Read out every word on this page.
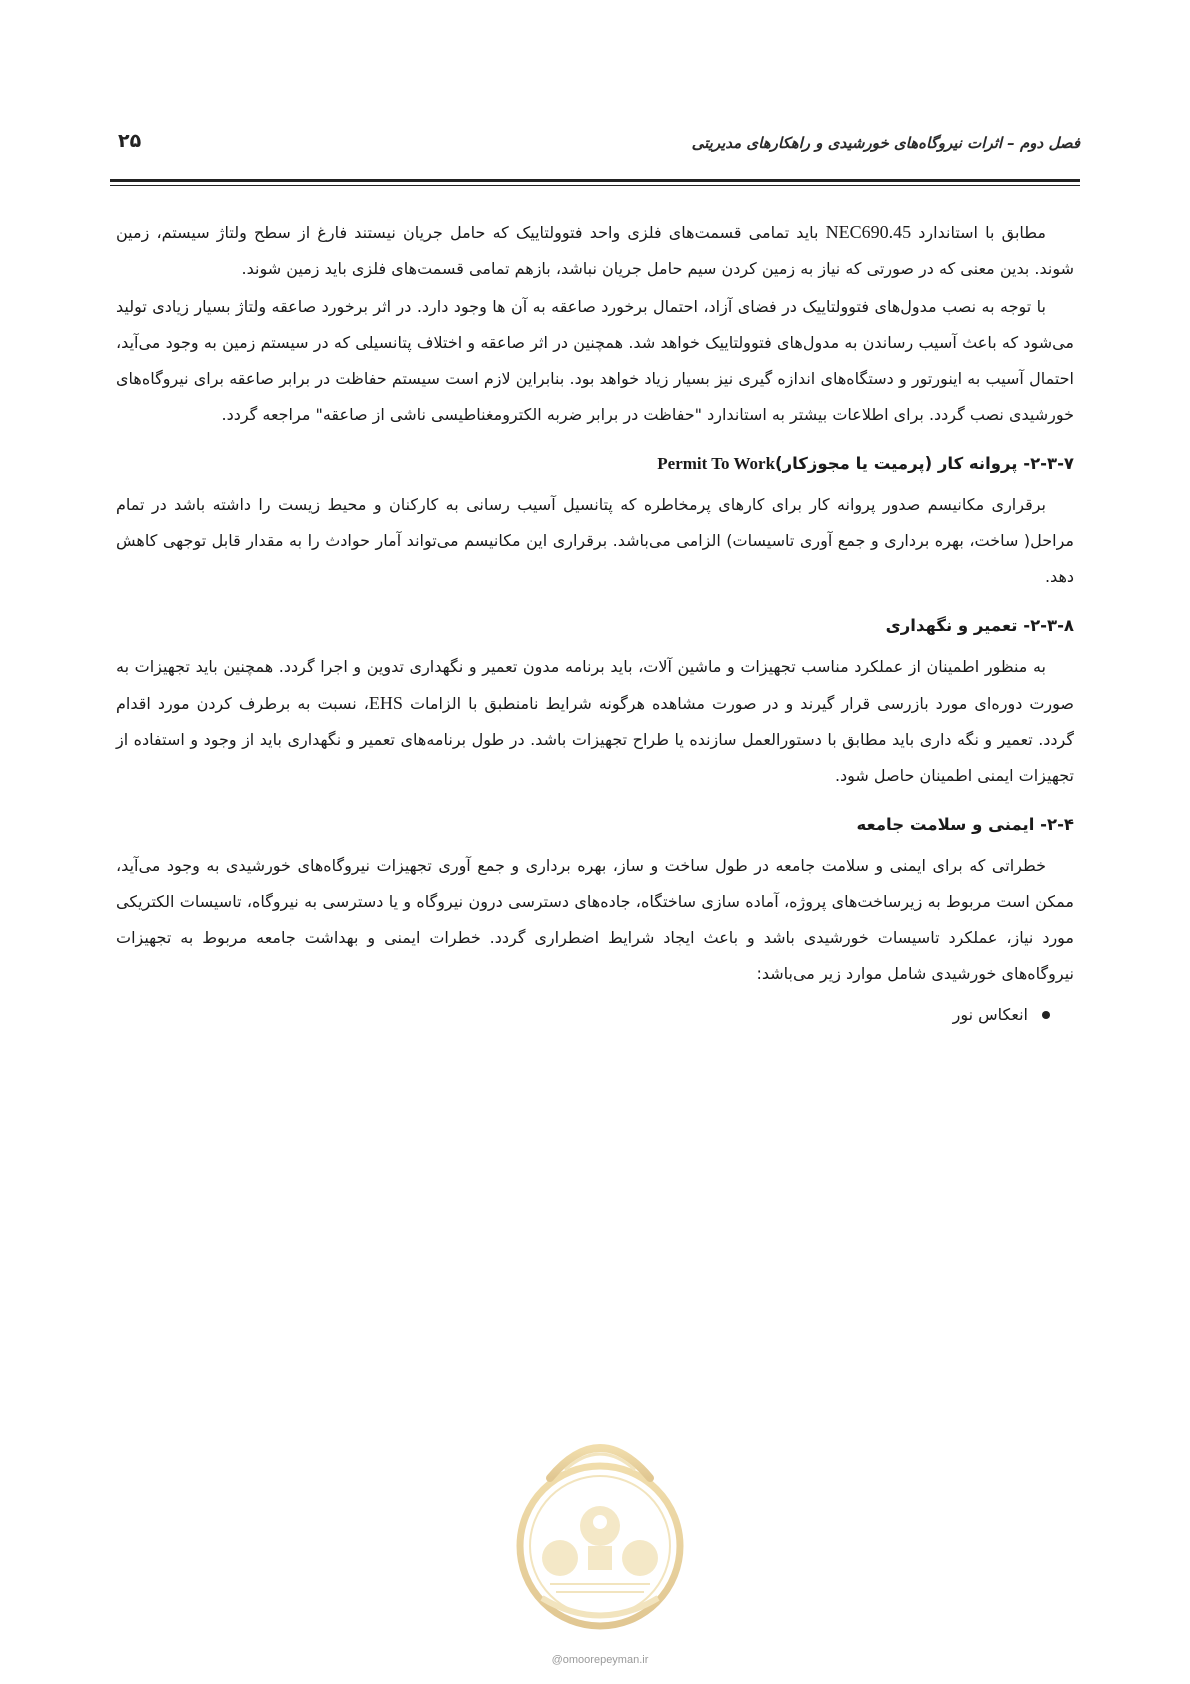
فصل دوم – اثرات نیروگاه‌های خورشیدی و راهکارهای مدیریتی
۲۵

مطابق با استاندارد NEC690.45 باید تمامی قسمت‌های فلزی واحد فتوولتاییک که حامل جریان نیستند فارغ از سطح ولتاژ سیستم، زمین شوند. بدین معنی که در صورتی که نیاز به زمین کردن سیم حامل جریان نباشد، بازهم تمامی قسمت‌های فلزی باید زمین شوند.

با توجه به نصب مدول‌های فتوولتاییک در فضای آزاد، احتمال برخورد صاعقه به آن ها وجود دارد. در اثر برخورد صاعقه ولتاژ بسیار زیادی تولید می‌شود که باعث آسیب رساندن به مدول‌های فتوولتاییک خواهد شد. همچنین در اثر صاعقه و اختلاف پتانسیلی که در سیستم زمین به وجود می‌آید، احتمال آسیب به اینورتور و دستگاه‌های اندازه گیری نیز بسیار زیاد خواهد بود. بنابراین لازم است سیستم حفاظت در برابر صاعقه برای نیروگاه‌های خورشیدی نصب گردد. برای اطلاعات بیشتر به استاندارد "حفاظت در برابر ضربه الکترومغناطیسی ناشی از صاعقه" مراجعه گردد.

۲-۳-۷- پروانه کار (پرمیت یا مجوزکار)Permit To Work

برقراری مکانیسم صدور پروانه کار برای کارهای پرمخاطره که پتانسیل آسیب رسانی به کارکنان و محیط زیست را داشته باشد در تمام مراحل( ساخت، بهره برداری و جمع آوری تاسیسات) الزامی می‌باشد. برقراری این مکانیسم می‌تواند آمار حوادث را به مقدار قابل توجهی کاهش دهد.

۲-۳-۸- تعمیر و نگهداری

به منظور اطمینان از عملکرد مناسب تجهیزات و ماشین آلات، باید برنامه مدون تعمیر و نگهداری تدوین و اجرا گردد. همچنین باید تجهیزات به صورت دوره‌ای مورد بازرسی قرار گیرند و در صورت مشاهده هرگونه شرایط نامنطبق با الزامات EHS، نسبت به برطرف کردن مورد اقدام گردد. تعمیر و نگه داری باید مطابق با دستورالعمل سازنده یا طراح تجهیزات باشد. در طول برنامه‌های تعمیر و نگهداری باید از وجود و استفاده از تجهیزات ایمنی اطمینان حاصل شود.

۲-۴- ایمنی و سلامت جامعه

خطراتی که برای ایمنی و سلامت جامعه در طول ساخت و ساز، بهره برداری و جمع آوری تجهیزات نیروگاه‌های خورشیدی به وجود می‌آید، ممکن است مربوط به زیرساخت‌های پروژه، آماده سازی ساختگاه، جاده‌های دسترسی درون نیروگاه و یا دسترسی به نیروگاه، تاسیسات الکتریکی مورد نیاز، عملکرد تاسیسات خورشیدی باشد و باعث ایجاد شرایط اضطراری گردد. خطرات ایمنی و بهداشت جامعه مربوط به تجهیزات نیروگاه‌های خورشیدی شامل موارد زیر می‌باشد:

انعکاس نور
@omoorepeyman.ir
